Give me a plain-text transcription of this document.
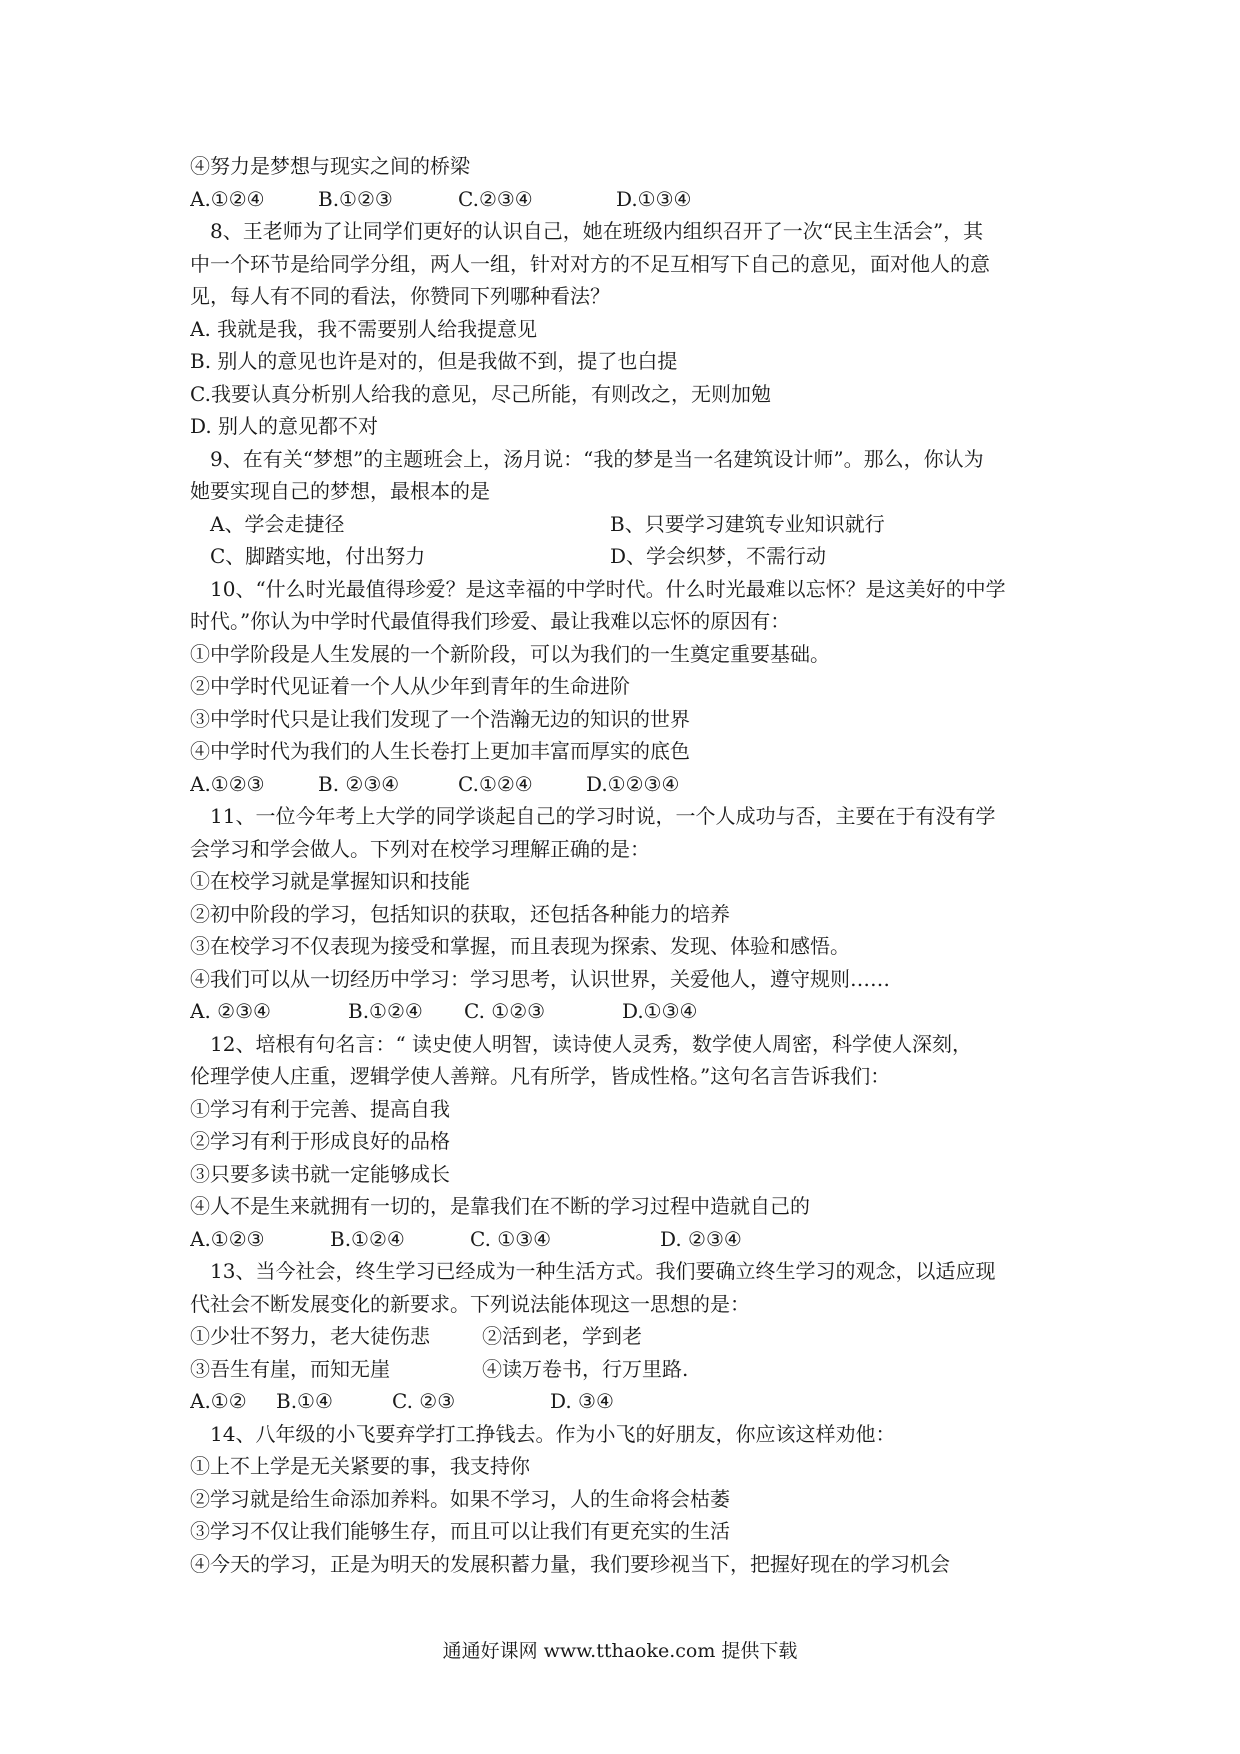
④努力是梦想与现实之间的桥梁
A.①②④	B.①②③	C.②③④	D.①③④
8、王老师为了让同学们更好的认识自己，她在班级内组织召开了一次“民主生活会”，其
中一个环节是给同学分组，两人一组，针对对方的不足互相写下自己的意见，面对他人的意
见，每人有不同的看法，你赞同下列哪种看法？
A. 我就是我，我不需要别人给我提意见
B. 别人的意见也许是对的，但是我做不到，提了也白提
C.我要认真分析别人给我的意见，尽己所能，有则改之，无则加勉
D. 别人的意见都不对
9、在有关“梦想”的主题班会上，汤月说：“我的梦是当一名建筑设计师”。那么，你认为
她要实现自己的梦想，最根本的是
A、学会走捷径	B、只要学习建筑专业知识就行
C、脚踏实地，付出努力	D、学会织梦，不需行动
10、“什么时光最值得珍爱？是这幸福的中学时代。什么时光最难以忘怀？是这美好的中学
时代。”你认为中学时代最值得我们珍爱、最让我难以忘怀的原因有：
①中学阶段是人生发展的一个新阶段，可以为我们的一生奠定重要基础。
②中学时代见证着一个人从少年到青年的生命进阶
③中学时代只是让我们发现了一个浩瀚无边的知识的世界
④中学时代为我们的人生长卷打上更加丰富而厚实的底色
A.①②③	B. ②③④	C.①②④	D.①②③④
11、一位今年考上大学的同学谈起自己的学习时说，一个人成功与否，主要在于有没有学
会学习和学会做人。下列对在校学习理解正确的是：
①在校学习就是掌握知识和技能
②初中阶段的学习，包括知识的获取，还包括各种能力的培养
③在校学习不仅表现为接受和掌握，而且表现为探索、发现、体验和感悟。
④我们可以从一切经历中学习：学习思考，认识世界，关爱他人，遵守规则……
A. ②③④	B.①②④	C. ①②③	D.①③④
12、培根有句名言：“ 读史使人明智，读诗使人灵秀，数学使人周密，科学使人深刻，
伦理学使人庄重，逻辑学使人善辩。凡有所学，皆成性格。”这句名言告诉我们：
①学习有利于完善、提高自我
②学习有利于形成良好的品格
③只要多读书就一定能够成长
④人不是生来就拥有一切的，是靠我们在不断的学习过程中造就自己的
A.①②③	B.①②④	C. ①③④	D. ②③④
13、当今社会，终生学习已经成为一种生活方式。我们要确立终生学习的观念，以适应现
代社会不断发展变化的新要求。下列说法能体现这一思想的是：
①少壮不努力，老大徒伤悲	②活到老，学到老
③吾生有崖，而知无崖	④读万卷书，行万里路.
A.①②	B.①④	C. ②③	D. ③④
14、八年级的小飞要弃学打工挣钱去。作为小飞的好朋友，你应该这样劝他：
①上不上学是无关紧要的事，我支持你
②学习就是给生命添加养料。如果不学习，人的生命将会枯萎
③学习不仅让我们能够生存，而且可以让我们有更充实的生活
④今天的学习，正是为明天的发展积蓄力量，我们要珍视当下，把握好现在的学习机会
通通好课网 www.tthaoke.com 提供下载
